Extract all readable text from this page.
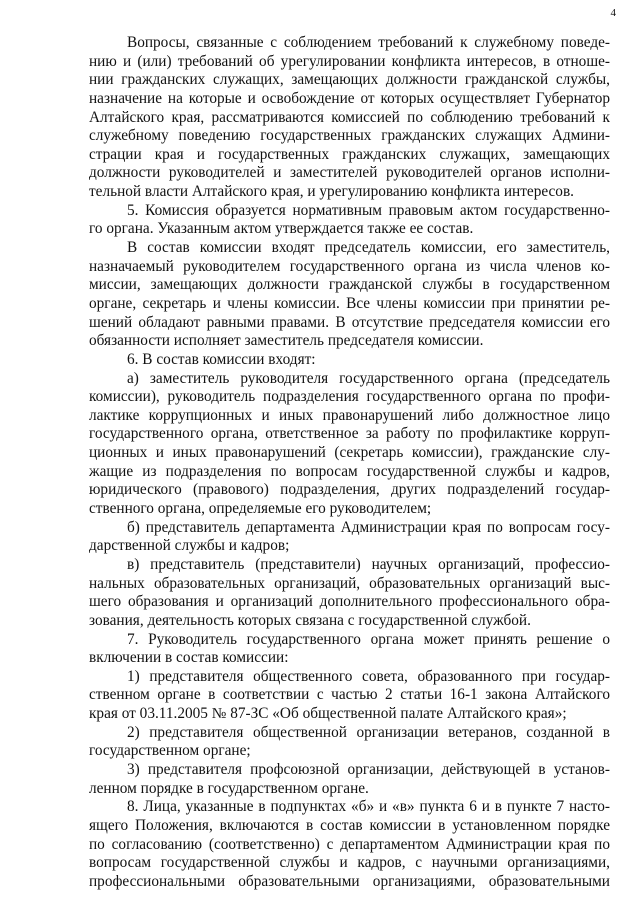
4
Вопросы, связанные с соблюдением требований к служебному поведе-
нию и (или) требований об урегулировании конфликта интересов, в отноше-
нии гражданских служащих, замещающих должности гражданской службы,
назначение на которые и освобождение от которых осуществляет Губернатор
Алтайского края, рассматриваются комиссией по соблюдению требований к
служебному поведению государственных гражданских служащих Админи-
страции края и государственных гражданских служащих, замещающих
должности руководителей и заместителей руководителей органов исполни-
тельной власти Алтайского края, и урегулированию конфликта интересов.
5. Комиссия образуется нормативным правовым актом государственно-
го органа. Указанным актом утверждается также ее состав.
В состав комиссии входят председатель комиссии, его заместитель,
назначаемый руководителем государственного органа из числа членов ко-
миссии, замещающих должности гражданской службы в государственном
органе, секретарь и члены комиссии. Все члены комиссии при принятии ре-
шений обладают равными правами. В отсутствие председателя комиссии его
обязанности исполняет заместитель председателя комиссии.
6. В состав комиссии входят:
а) заместитель руководителя государственного органа (председатель
комиссии), руководитель подразделения государственного органа по профи-
лактике коррупционных и иных правонарушений либо должностное лицо
государственного органа, ответственное за работу по профилактике корруп-
ционных и иных правонарушений (секретарь комиссии), гражданские слу-
жащие из подразделения по вопросам государственной службы и кадров,
юридического (правового) подразделения, других подразделений государ-
ственного органа, определяемые его руководителем;
б) представитель департамента Администрации края по вопросам госу-
дарственной службы и кадров;
в) представитель (представители) научных организаций, профессио-
нальных образовательных организаций, образовательных организаций выс-
шего образования и организаций дополнительного профессионального обра-
зования, деятельность которых связана с государственной службой.
7. Руководитель государственного органа может принять решение о
включении в состав комиссии:
1) представителя общественного совета, образованного при государ-
ственном органе в соответствии с частью 2 статьи 16-1 закона Алтайского
края от 03.11.2005 № 87-ЗС «Об общественной палате Алтайского края»;
2) представителя общественной организации ветеранов, созданной в
государственном органе;
3) представителя профсоюзной организации, действующей в установ-
ленном порядке в государственном органе.
8. Лица, указанные в подпунктах «б» и «в» пункта 6 и в пункте 7 насто-
ящего Положения, включаются в состав комиссии в установленном порядке
по согласованию (соответственно) с департаментом Администрации края по
вопросам государственной службы и кадров, с научными организациями,
профессиональными образовательными организациями, образовательными
